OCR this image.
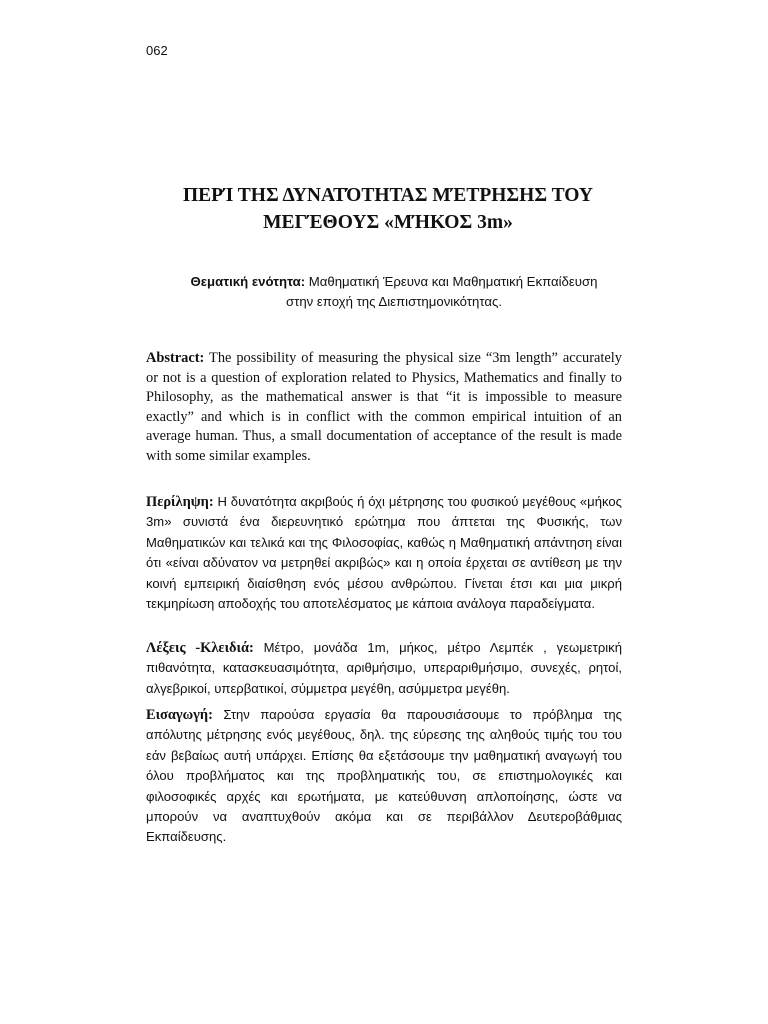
062
ΠΕΡΊ ΤΗΣ ΔΥΝΑΤΌΤΗΤΑΣ ΜΈΤΡΗΣΗΣ ΤΟΥ
ΜΕΓΈΘΟΥΣ «ΜΉΚΟΣ 3m»
Θεματική ενότητα: Μαθηματική Έρευνα και Μαθηματική Εκπαίδευση
στην εποχή της Διεπιστημονικότητας.

Abstract: The possibility of measuring the physical size “3m length” accurately or not is a question of exploration related to Physics, Mathematics and finally to Philosophy, as the mathematical answer is that “it is impossible to measure exactly” and which is in conflict with the common empirical intuition of an average human. Thus, a small documentation of acceptance of the result is made with some similar examples.

Περίληψη: Η δυνατότητα ακριβούς ή όχι μέτρησης του φυσικού μεγέθους «μήκος 3m» συνιστά ένα διερευνητικό ερώτημα που άπτεται της Φυσικής, των Μαθηματικών και τελικά και της Φιλοσοφίας, καθώς η Μαθηματική απάντηση είναι ότι «είναι αδύνατον να μετρηθεί ακριβώς» και η οποία έρχεται σε αντίθεση με την κοινή εμπειρική διαίσθηση ενός μέσου ανθρώπου. Γίνεται έτσι και μια μικρή τεκμηρίωση αποδοχής του αποτελέσματος με κάποια ανάλογα παραδείγματα.

Λέξεις -Κλειδιά: Μέτρο, μονάδα 1m, μήκος, μέτρο Λεμπέκ , γεωμετρική πιθανότητα, κατασκευασιμότητα, αριθμήσιμο, υπεραριθμήσιμο, συνεχές, ρητοί, αλγεβρικοί, υπερβατικοί, σύμμετρα μεγέθη, ασύμμετρα μεγέθη.

Εισαγωγή: Στην παρούσα εργασία θα παρουσιάσουμε το πρόβλημα της απόλυτης μέτρησης ενός μεγέθους, δηλ. της εύρεσης της αληθούς τιμής του του εάν βεβαίως αυτή υπάρχει. Επίσης θα εξετάσουμε την μαθηματική αναγωγή του όλου προβλήματος και της προβληματικής του, σε επιστημολογικές και φιλοσοφικές αρχές και ερωτήματα, με κατεύθυνση απλοποίησης, ώστε να μπορούν να αναπτυχθούν ακόμα και σε περιβάλλον Δευτεροβάθμιας Εκπαίδευσης.
